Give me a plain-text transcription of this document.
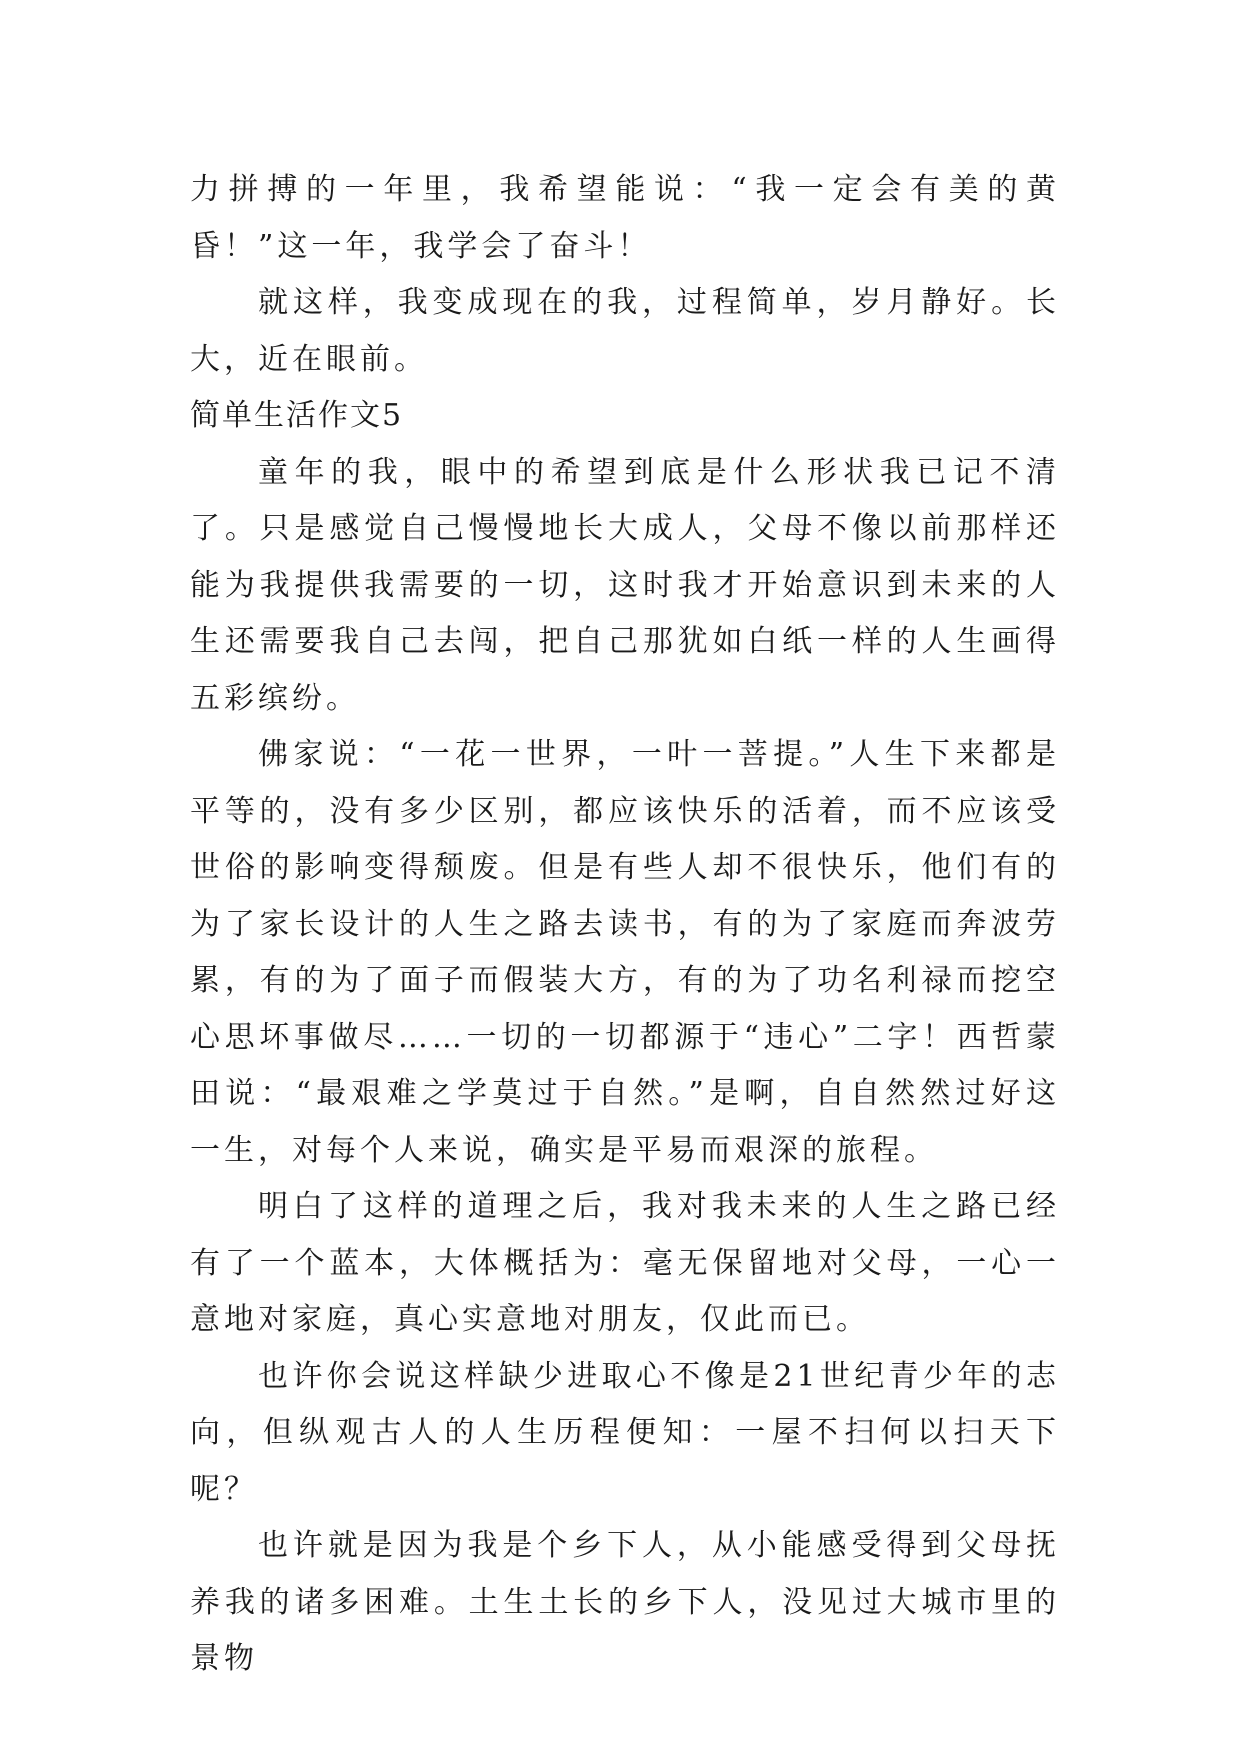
力拼搏的一年里，我希望能说：“我一定会有美的黄昏！”这一年，我学会了奋斗！

就这样，我变成现在的我，过程简单，岁月静好。长大，近在眼前。

简单生活作文5

童年的我，眼中的希望到底是什么形状我已记不清了。只是感觉自己慢慢地长大成人，父母不像以前那样还能为我提供我需要的一切，这时我才开始意识到未来的人生还需要我自己去闯，把自己那犹如白纸一样的人生画得五彩缤纷。

佛家说：“一花一世界，一叶一菩提。”人生下来都是平等的，没有多少区别，都应该快乐的活着，而不应该受世俗的影响变得颓废。但是有些人却不很快乐，他们有的为了家长设计的人生之路去读书，有的为了家庭而奔波劳累，有的为了面子而假装大方，有的为了功名利禄而挖空心思坏事做尽……一切的一切都源于“违心”二字！西哲蒙田说：“最艰难之学莫过于自然。”是啊，自自然然过好这一生，对每个人来说，确实是平易而艰深的旅程。

明白了这样的道理之后，我对我未来的人生之路已经有了一个蓝本，大体概括为：毫无保留地对父母，一心一意地对家庭，真心实意地对朋友，仅此而已。

也许你会说这样缺少进取心不像是21世纪青少年的志向，但纵观古人的人生历程便知：一屋不扫何以扫天下呢？

也许就是因为我是个乡下人，从小能感受得到父母抚养我的诸多困难。土生土长的乡下人，没见过大城市里的景物
